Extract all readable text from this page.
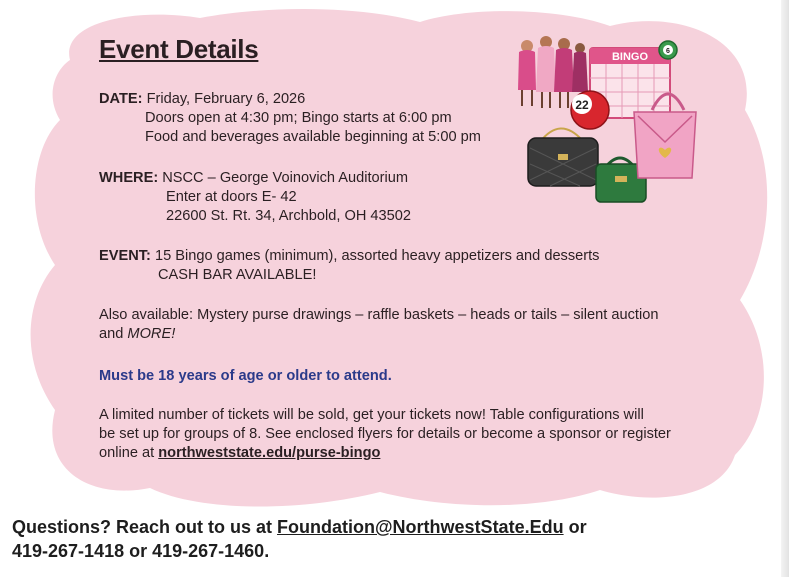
Event Details
DATE: Friday, February 6, 2026
Doors open at 4:30 pm; Bingo starts at 6:00 pm
Food and beverages available beginning at 5:00 pm
WHERE: NSCC – George Voinovich Auditorium
Enter at doors E- 42
22600 St. Rt. 34, Archbold, OH 43502
EVENT: 15 Bingo games (minimum), assorted heavy appetizers and desserts
CASH BAR AVAILABLE!
Also available: Mystery purse drawings – raffle baskets – heads or tails – silent auction
and MORE!
Must be 18 years of age or older to attend.
A limited number of tickets will be sold, get your tickets now! Table configurations will
be set up for groups of 8. See enclosed flyers for details or become a sponsor or register
online at northweststate.edu/purse-bingo
BINGO	6
22
Questions? Reach out to us at Foundation@NorthwestState.Edu or
419-267-1418 or 419-267-1460.
